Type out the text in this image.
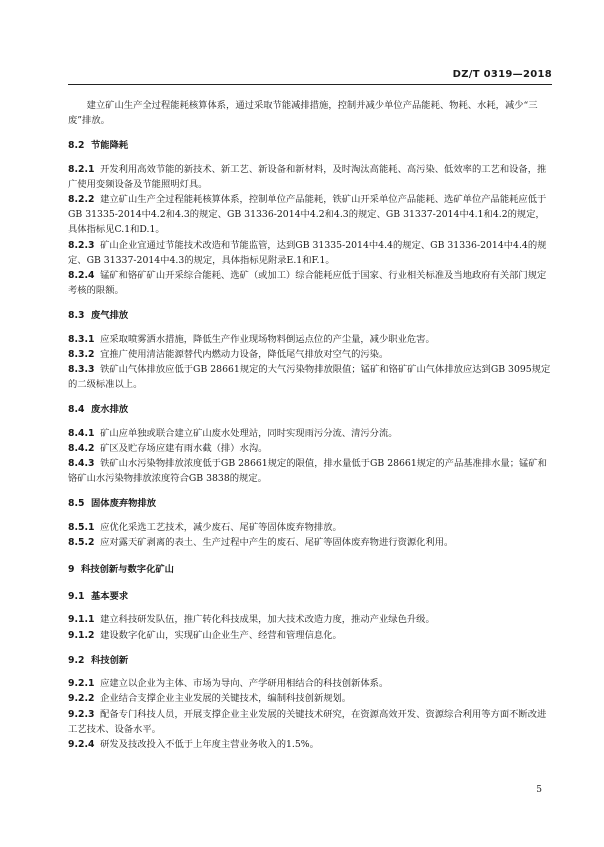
DZ/T 0319—2018

建立矿山生产全过程能耗核算体系，通过采取节能减排措施，控制并减少单位产品能耗、物耗、水耗，减少“三废”排放。

8.2 节能降耗

8.2.1 开发利用高效节能的新技术、新工艺、新设备和新材料，及时淘汰高能耗、高污染、低效率的工艺和设备，推广使用变频设备及节能照明灯具。

8.2.2 建立矿山生产全过程能耗核算体系，控制单位产品能耗，铁矿山开采单位产品能耗、选矿单位产品能耗应低于GB 31335-2014中4.2和4.3的规定、GB 31336-2014中4.2和4.3的规定、GB 31337-2014中4.1和4.2的规定，具体指标见C.1和D.1。

8.2.3 矿山企业宜通过节能技术改造和节能监管，达到GB 31335-2014中4.4的规定、GB 31336-2014中4.4的规定、GB 31337-2014中4.3的规定，具体指标见附录E.1和F.1。

8.2.4 锰矿和铬矿矿山开采综合能耗、选矿（或加工）综合能耗应低于国家、行业相关标准及当地政府有关部门规定考核的限额。

8.3 废气排放

8.3.1 应采取喷雾洒水措施，降低生产作业现场物料倒运点位的产尘量，减少职业危害。

8.3.2 宜推广使用清洁能源替代内燃动力设备，降低尾气排放对空气的污染。

8.3.3 铁矿山气体排放应低于GB 28661规定的大气污染物排放限值；锰矿和铬矿矿山气体排放应达到GB 3095规定的二级标准以上。

8.4 废水排放

8.4.1 矿山应单独或联合建立矿山废水处理站，同时实现雨污分流、清污分流。

8.4.2 矿区及贮存场应建有雨水截（排）水沟。

8.4.3 铁矿山水污染物排放浓度低于GB 28661规定的限值，排水量低于GB 28661规定的产品基准排水量；锰矿和铬矿山水污染物排放浓度符合GB 3838的规定。

8.5 固体废弃物排放

8.5.1 应优化采选工艺技术，减少废石、尾矿等固体废弃物排放。

8.5.2 应对露天矿剥离的表土、生产过程中产生的废石、尾矿等固体废弃物进行资源化利用。

9 科技创新与数字化矿山
9.1 基本要求

9.1.1 建立科技研发队伍，推广转化科技成果，加大技术改造力度，推动产业绿色升级。

9.1.2 建设数字化矿山，实现矿山企业生产、经营和管理信息化。

9.2 科技创新

9.2.1 应建立以企业为主体、市场为导向、产学研用相结合的科技创新体系。

9.2.2 企业结合支撑企业主业发展的关键技术，编制科技创新规划。

9.2.3 配备专门科技人员，开展支撑企业主业发展的关键技术研究，在资源高效开发、资源综合利用等方面不断改进工艺技术、设备水平。

9.2.4 研发及技改投入不低于上年度主营业务收入的1.5%。

5
